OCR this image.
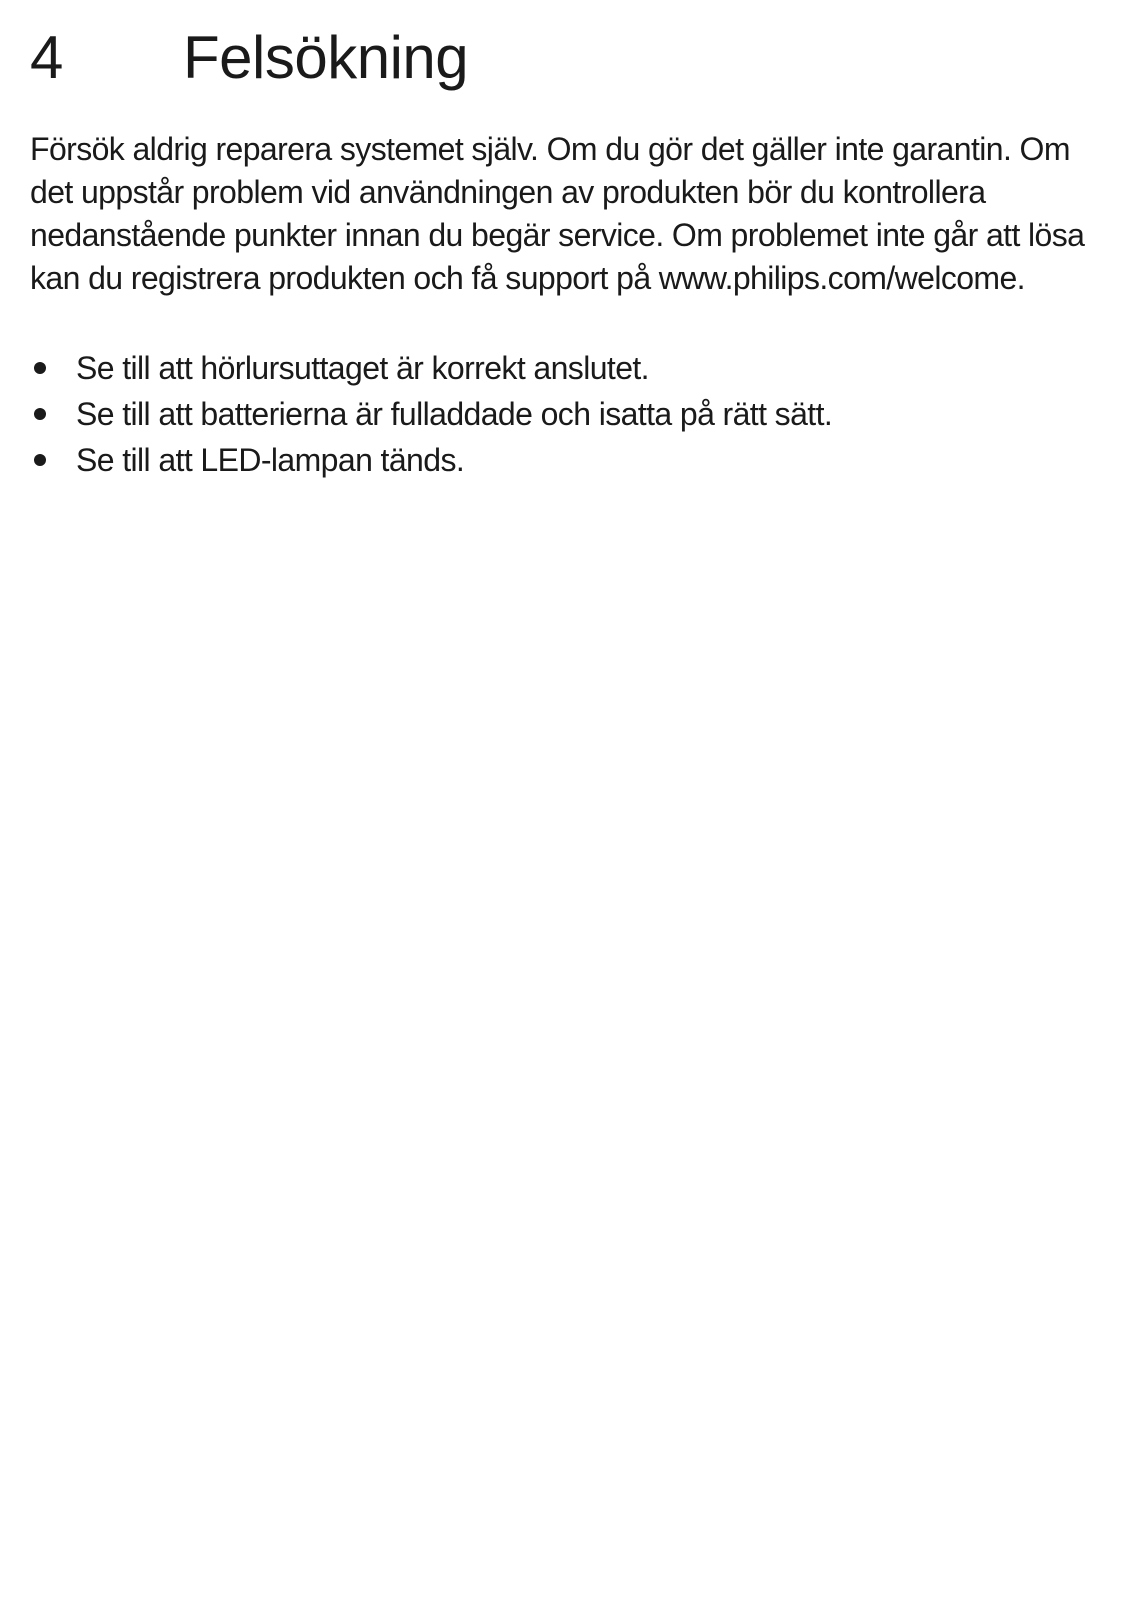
4 Felsökning

Försök aldrig reparera systemet själv. Om du gör det gäller inte garantin. Om det uppstår problem vid användningen av produkten bör du kontrollera nedanstående punkter innan du begär service. Om problemet inte går att lösa kan du registrera produkten och få support på www.philips.com/welcome.

Se till att hörlursuttaget är korrekt anslutet.
Se till att batterierna är fulladdade och isatta på rätt sätt.
Se till att LED-lampan tänds.
